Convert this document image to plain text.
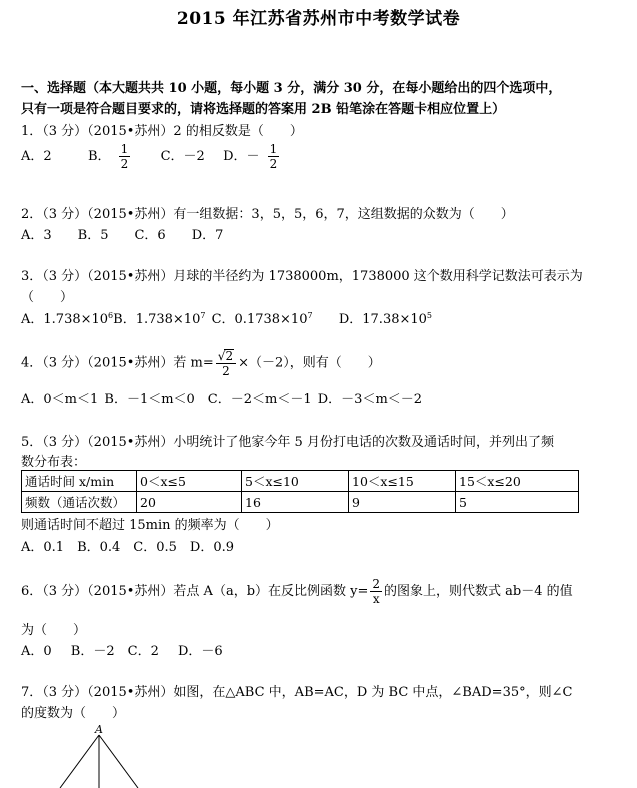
2015 年江苏省苏州市中考数学试卷
一、选择题（本大题共共 10 小题，每小题 3 分，满分 30 分，在每小题给出的四个选项中，
只有一项是符合题目要求的，请将选择题的答案用 2B 铅笔涂在答题卡相应位置上）
1．（3 分）（2015•苏州）2 的相反数是（　　）
A．2	B． $\frac{1}{2}$ C．－2 D．－ $\frac{1}{2}$
2．（3 分）（2015•苏州）有一组数据：3，5，5，6，7，这组数据的众数为（　　）
A．3　　B．5　　C．6　　D．7
3．（3 分）（2015•苏州）月球的半径约为 1738000m，1738000 这个数用科学记数法可表示为
（　　）
A．$1.738\times 10^6B$．$1.738\times 10^7$ C．$0.1738\times 10^7$ D．$17.38\times 10^5$
4．（3 分）（2015•苏州）若 $m= \frac{√2}{2} \times(-2)$，则有（　　）
A．0＜m＜1 B．－1＜m＜0　C．－2＜m＜－1 D．－3＜m＜－2
5．（3 分）（2015•苏州）小明统计了他家今年 5 月份打电话的次数及通话时间，并列出了频
数分布表：
通话时间 x/min	0＜x≤5	5＜x≤10	10＜x≤15	15＜x≤20
频数（通话次数）	20	16	9	5
则通话时间不超过 15min 的频率为（　　）
A．0.1　B．0.4　C．0.5　D．0.9
6．（3 分）（2015•苏州）若点 A（a，b）在反比例函数 $y= \frac{2}{x}$ 的图象上，则代数式 ab－4 的值
为（　　）
A．0　 B．－2　C．2　 D．－6
7．（3 分）（2015•苏州）如图，在△ABC 中，AB=AC，D 为 BC 中点，∠BAD=35°，则∠C
的度数为（　　）
A
